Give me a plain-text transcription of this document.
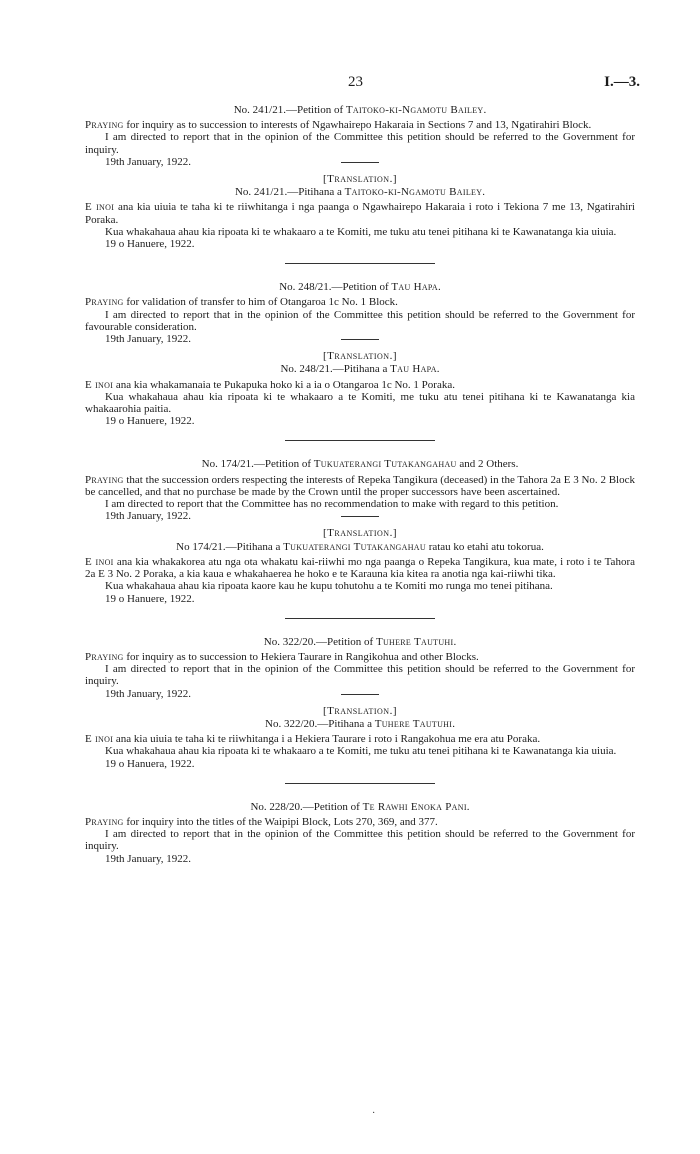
23	I.—3.

No. 241/21.—Petition of Taitoko-ki-Ngamotu Bailey.

Praying for inquiry as to succession to interests of Ngawhairepo Hakaraia in Sections 7 and 13, Ngatirahiri Block.

I am directed to report that in the opinion of the Committee this petition should be referred to the Government for inquiry.

19th January, 1922.

[Translation.]

No. 241/21.—Pitihana a Taitoko-ki-Ngamotu Bailey.

E inoi ana kia uiuia te taha ki te riiwhitanga i nga paanga o Ngawhairepo Hakaraia i roto i Tekiona 7 me 13, Ngatirahiri Poraka.

Kua whakahaua ahau kia ripoata ki te whakaaro a te Komiti, me tuku atu tenei pitihana ki te Kawanatanga kia uiuia.

19 o Hanuere, 1922.

No. 248/21.—Petition of Tau Hapa.

Praying for validation of transfer to him of Otangaroa 1c No. 1 Block.

I am directed to report that in the opinion of the Committee this petition should be referred to the Government for favourable consideration.

19th January, 1922.

[Translation.]

No. 248/21.—Pitihana a Tau Hapa.

E inoi ana kia whakamanaia te Pukapuka hoko ki a ia o Otangaroa 1c No. 1 Poraka.

Kua whakahaua ahau kia ripoata ki te whakaaro a te Komiti, me tuku atu tenei pitihana ki te Kawanatanga kia whakaarohia paitia.

19 o Hanuere, 1922.

No. 174/21.—Petition of Tukuaterangi Tutakangahau and 2 Others.

Praying that the succession orders respecting the interests of Repeka Tangikura (deceased) in the Tahora 2a E 3 No. 2 Block be cancelled, and that no purchase be made by the Crown until the proper successors have been ascertained.

I am directed to report that the Committee has no recommendation to make with regard to this petition.

19th January, 1922.

[Translation.]

No 174/21.—Pitihana a Tukuaterangi Tutakangahau ratau ko etahi atu tokorua.

E inoi ana kia whakakorea atu nga ota whakatu kai-riiwhi mo nga paanga o Repeka Tangikura, kua mate, i roto i te Tahora 2a E 3 No. 2 Poraka, a kia kaua e whakahaerea he hoko e te Karauna kia kitea ra anotia nga kai-riiwhi tika.

Kua whakahaua ahau kia ripoata kaore kau he kupu tohutohu a te Komiti mo runga mo tenei pitihana.

19 o Hanuere, 1922.

No. 322/20.—Petition of Tuhere Tautuhi.

Praying for inquiry as to succession to Hekiera Taurare in Rangikohua and other Blocks.

I am directed to report that in the opinion of the Committee this petition should be referred to the Government for inquiry.

19th January, 1922.

[Translation.]

No. 322/20.—Pitihana a Tuhere Tautuhi.

E inoi ana kia uiuia te taha ki te riiwhitanga i a Hekiera Taurare i roto i Rangakohua me era atu Poraka.

Kua whakahaua ahau kia ripoata ki te whakaaro a te Komiti, me tuku atu tenei pitihana ki te Kawanatanga kia uiuia.

19 o Hanuera, 1922.

No. 228/20.—Petition of Te Rawhi Enoka Pani.

Praying for inquiry into the titles of the Waipipi Block, Lots 270, 369, and 377.

I am directed to report that in the opinion of the Committee this petition should be referred to the Government for inquiry.

19th January, 1922.

·
